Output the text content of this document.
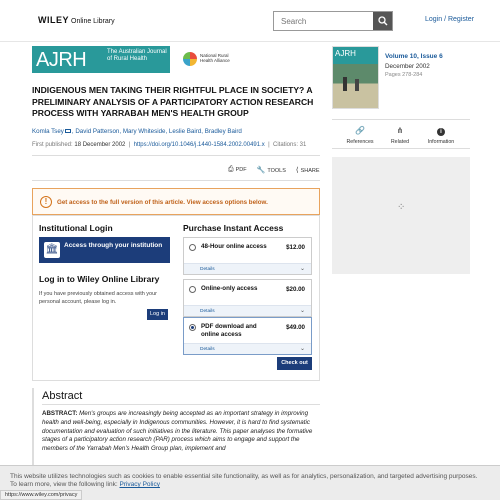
WILEY Online Library
Search	Login / Register
AJRH	The Australian Journal of Rural Health
National Rural Health Alliance
INDIGENOUS MEN TAKING THEIR RIGHTFUL PLACE IN SOCIETY? A PRELIMINARY ANALYSIS OF A PARTICIPATORY ACTION RESEARCH PROCESS WITH YARRABAH MEN'S HEALTH GROUP
Komla Tsey , David Patterson, Mary Whiteside, Leslie Baird, Bradley Baird
First published: 18 December 2002  |  https://doi.org/10.1046/j.1440-1584.2002.00491.x  |  Citations: 31
⎙ PDF 🔧 TOOLS ⟨ SHARE
!	Get access to the full version of this article. View access options below.
Institutional Login
🏛 Access through your institution
Log in to Wiley Online Library
If you have previously obtained access with your personal account, please log in.
Log in
Purchase Instant Access
48-Hour online access	$12.00
Details	⌄
Online-only access	$20.00
Details	⌄
PDF download and online access
$49.00
Details	⌄
Check out
Abstract
ABSTRACT: Men's groups are increasingly being accepted as an important strategy in improving health and well-being, especially in Indigenous communities. However, it is hard to find systematic documentation and evaluation of such initiatives in the literature. This paper analyses the formative stages of a participatory action research (PAR) process which aims to engage and support the members of the Yarrabah Men's Health Group plan, implement and
AJRH	Volume 10, Issue 6
December 2002
Pages 278-284
🔗
References
⋔
Related
i
Information
⁘
This website utilizes technologies such as cookies to enable essential site functionality, as well as for analytics, personalization, and targeted advertising purposes.
To learn more, view the following link: Privacy Policy
https://www.wiley.com/privacy
